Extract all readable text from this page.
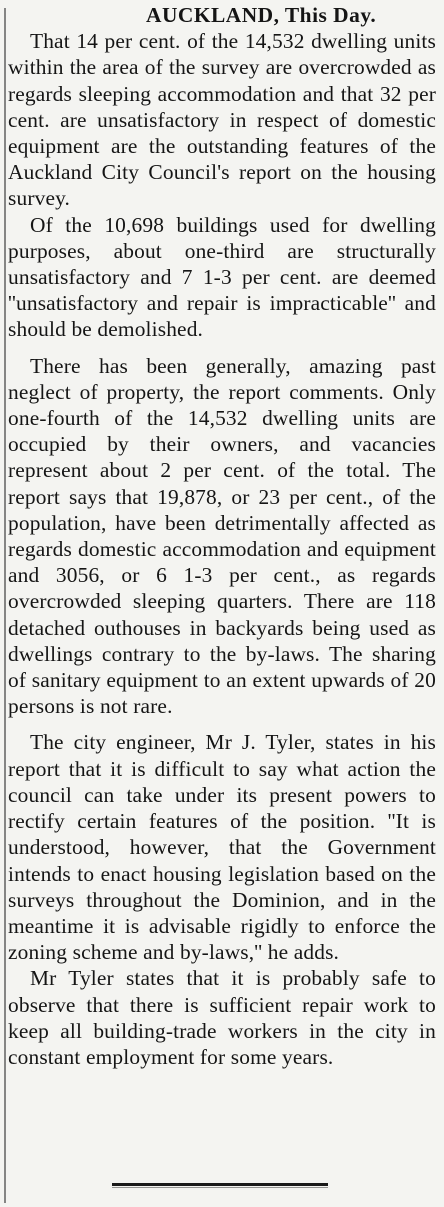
AUCKLAND, This Day.

That 14 per cent. of the 14,532 dwelling units within the area of the survey are overcrowded as regards sleeping accommodation and that 32 per cent. are unsatisfactory in respect of domestic equipment are the outstanding features of the Auckland City Council's report on the housing survey.

Of the 10,698 buildings used for dwelling purposes, about one-third are structurally unsatisfactory and 7 1-3 per cent. are deemed ''unsatisfactory and repair is impracticable'' and should be demolished.

There has been generally, amazing past neglect of property, the report comments. Only one-fourth of the 14,532 dwelling units are occupied by their owners, and vacancies represent about 2 per cent. of the total. The report says that 19,878, or 23 per cent., of the population, have been detrimentally affected as regards domestic accommodation and equipment and 3056, or 6 1-3 per cent., as regards overcrowded sleeping quarters. There are 118 detached outhouses in backyards being used as dwellings contrary to the by-laws. The sharing of sanitary equipment to an extent upwards of 20 persons is not rare.

The city engineer, Mr J. Tyler, states in his report that it is difficult to say what action the council can take under its present powers to rectify certain features of the position. ''It is understood, however, that the Government intends to enact housing legislation based on the surveys throughout the Dominion, and in the meantime it is advisable rigidly to enforce the zoning scheme and by-laws,'' he adds.

Mr Tyler states that it is probably safe to observe that there is sufficient repair work to keep all building-trade workers in the city in constant employment for some years.
